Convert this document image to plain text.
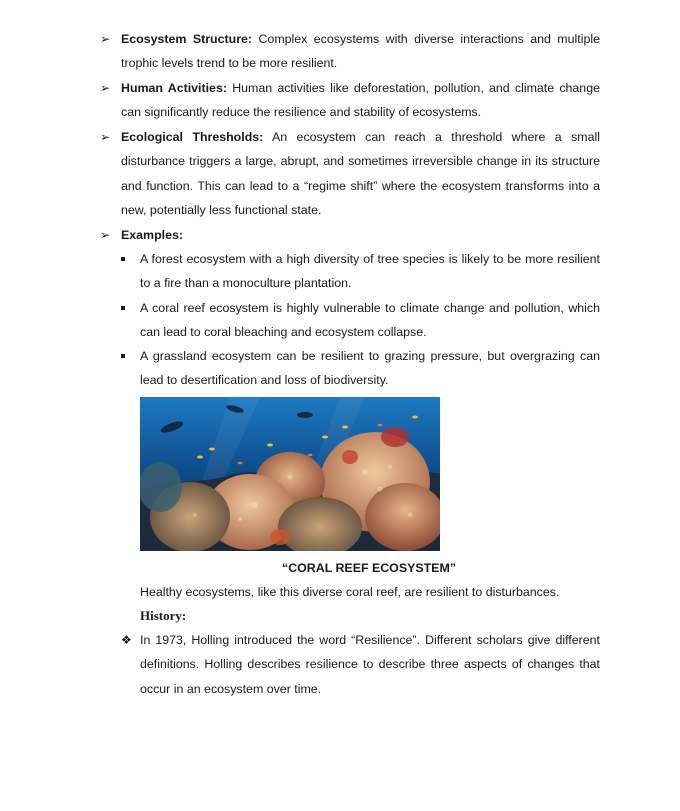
➢ Ecosystem Structure: Complex ecosystems with diverse interactions and multiple trophic levels trend to be more resilient.

➢ Human Activities: Human activities like deforestation, pollution, and climate change can significantly reduce the resilience and stability of ecosystems.

➢ Ecological Thresholds: An ecosystem can reach a threshold where a small disturbance triggers a large, abrupt, and sometimes irreversible change in its structure and function. This can lead to a “regime shift” where the ecosystem transforms into a new, potentially less functional state.

➢ Examples:

A forest ecosystem with a high diversity of tree species is likely to be more resilient to a fire than a monoculture plantation.

A coral reef ecosystem is highly vulnerable to climate change and pollution, which can lead to coral bleaching and ecosystem collapse.

A grassland ecosystem can be resilient to grazing pressure, but overgrazing can lead to desertification and loss of biodiversity.

“CORAL REEF ECOSYSTEM”

Healthy ecosystems, like this diverse coral reef, are resilient to disturbances.

History:
❖ In 1973, Holling introduced the word “Resilience”. Different scholars give different definitions. Holling describes resilience to describe three aspects of changes that occur in an ecosystem over time.
